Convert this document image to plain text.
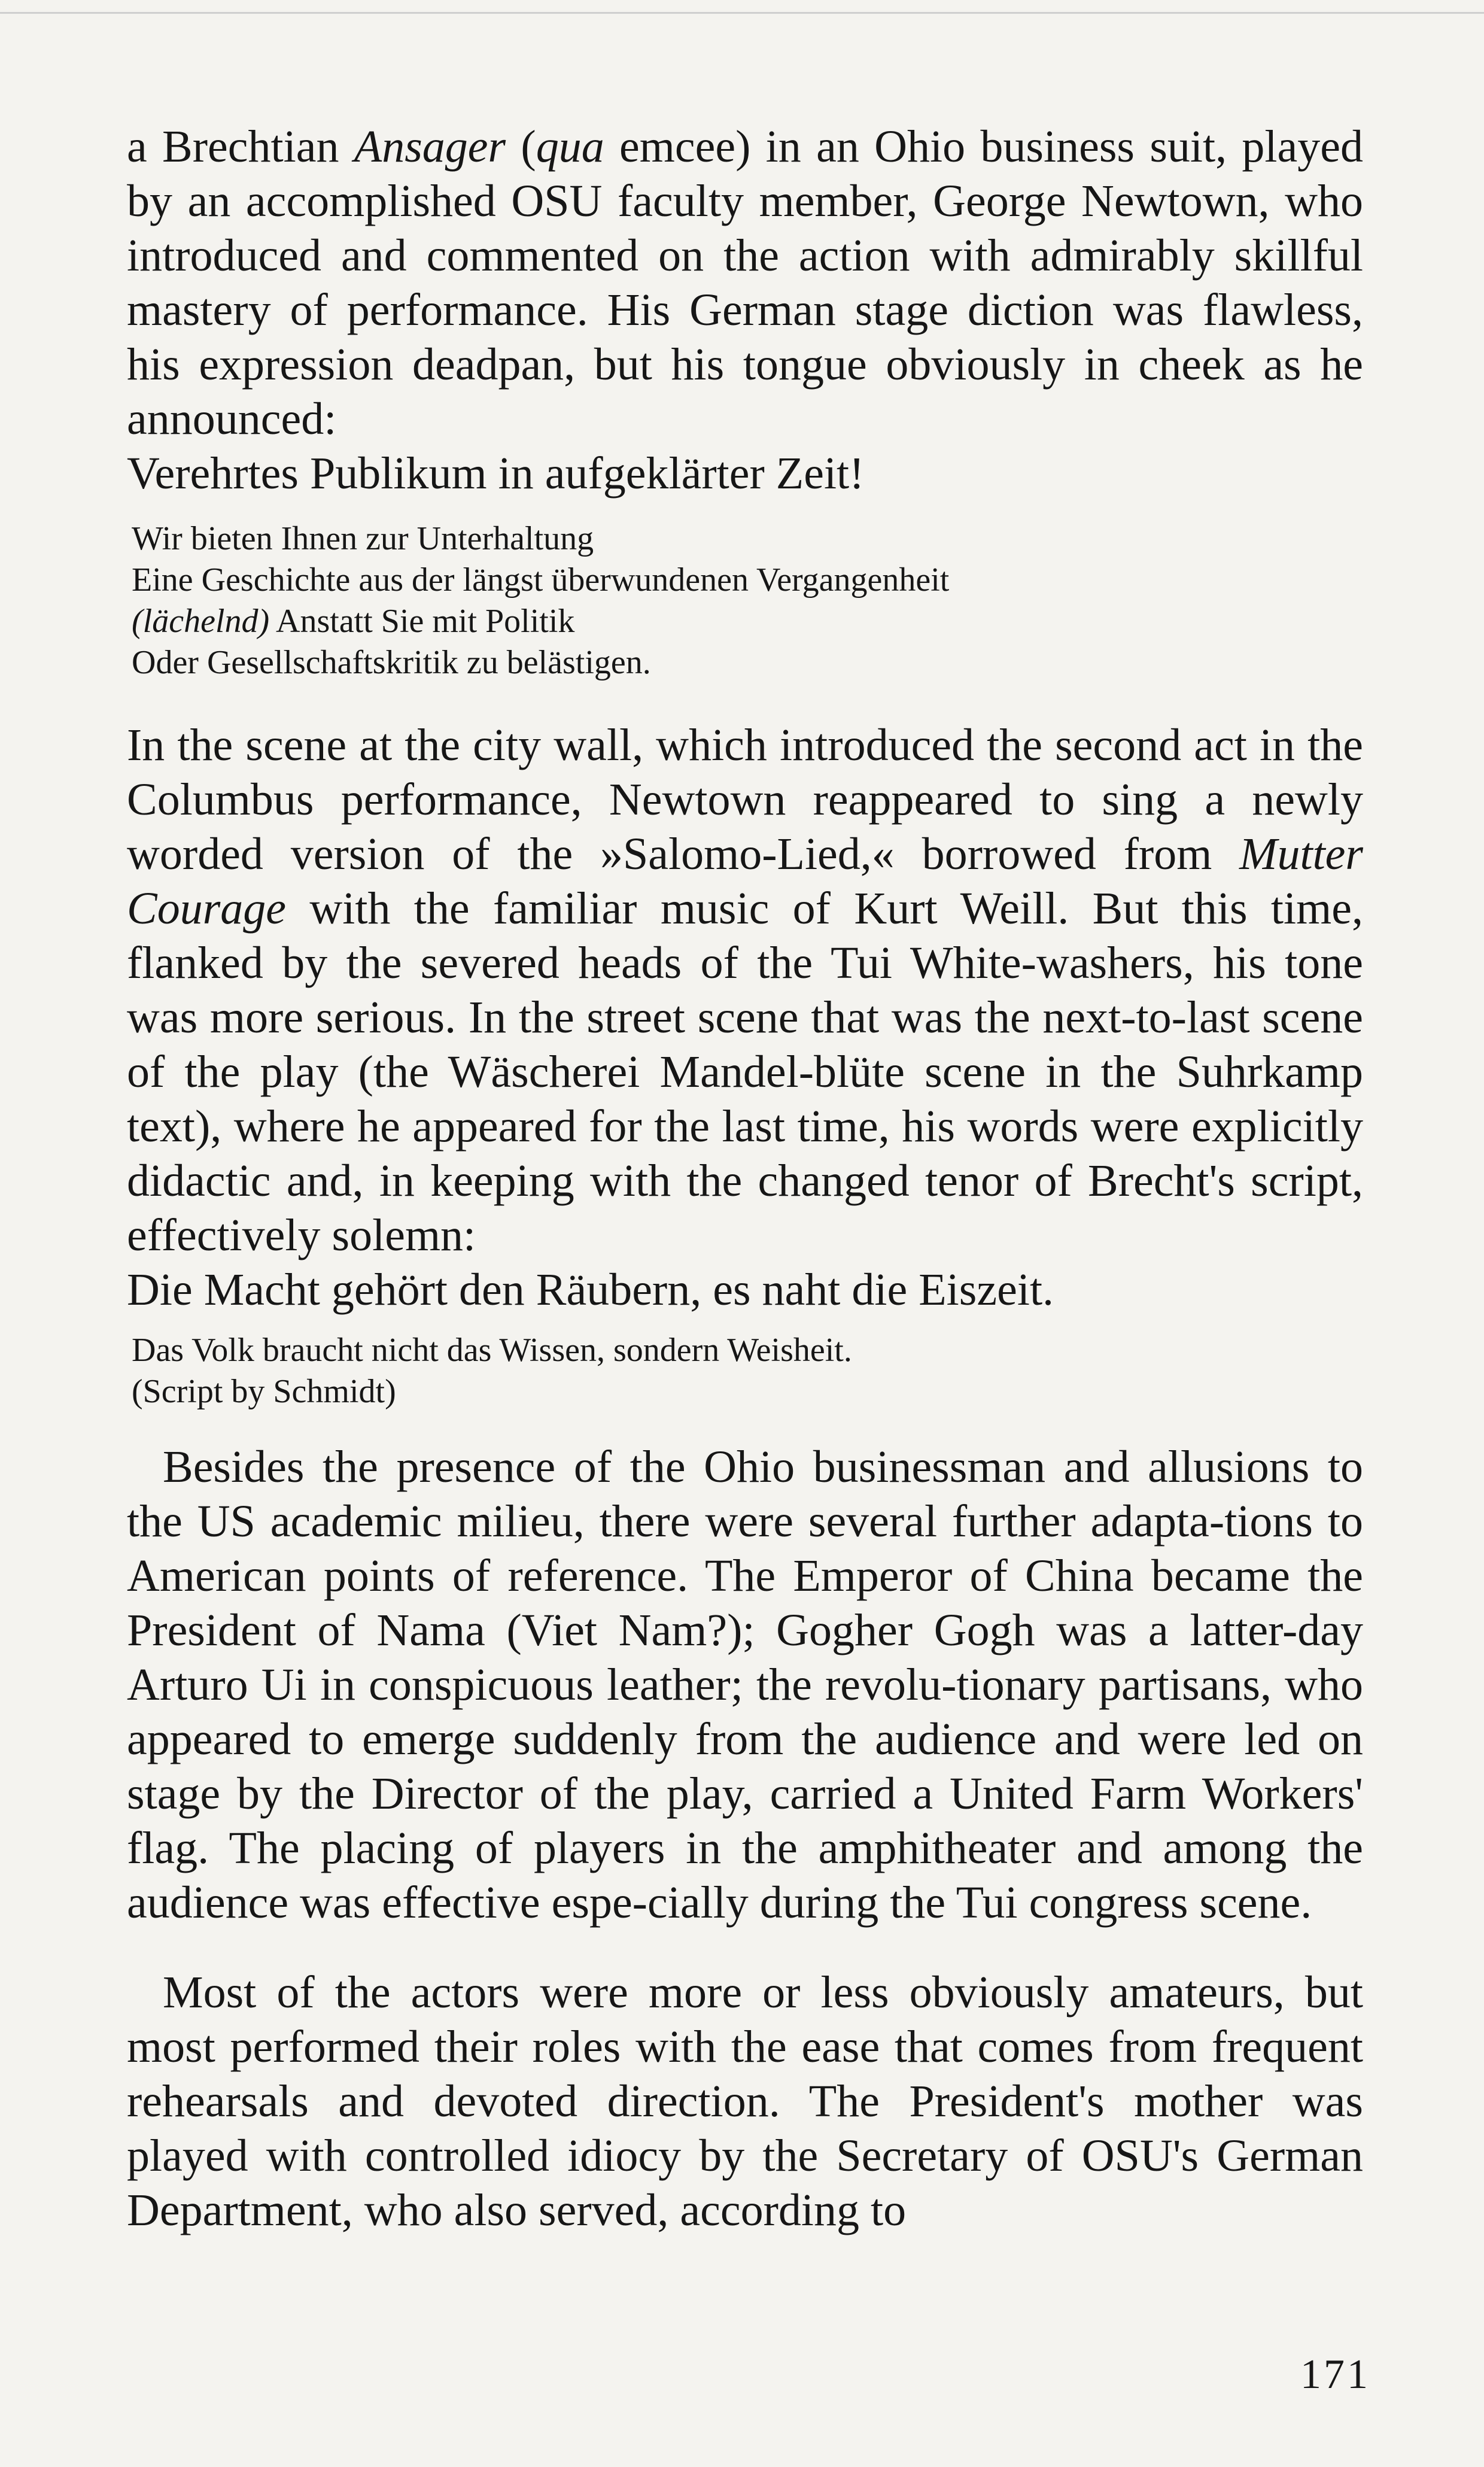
a Brechtian Ansager (qua emcee) in an Ohio business suit, played by an accomplished OSU faculty member, George Newtown, who introduced and commented on the action with admirably skillful mastery of performance. His German stage diction was flawless, his expression deadpan, but his tongue obviously in cheek as he announced:

Verehrtes Publikum in aufgeklärter Zeit!

Wir bieten Ihnen zur Unterhaltung
Eine Geschichte aus der längst überwundenen Vergangenheit
(lächelnd) Anstatt Sie mit Politik
Oder Gesellschaftskritik zu belästigen.

In the scene at the city wall, which introduced the second act in the Columbus performance, Newtown reappeared to sing a newly worded version of the »Salomo-Lied,« borrowed from Mutter Courage with the familiar music of Kurt Weill. But this time, flanked by the severed heads of the Tui White-washers, his tone was more serious. In the street scene that was the next-to-last scene of the play (the Wäscherei Mandel-blüte scene in the Suhrkamp text), where he appeared for the last time, his words were explicitly didactic and, in keeping with the changed tenor of Brecht's script, effectively solemn:

Die Macht gehört den Räubern, es naht die Eiszeit.

Das Volk braucht nicht das Wissen, sondern Weisheit.
(Script by Schmidt)

Besides the presence of the Ohio businessman and allusions to the US academic milieu, there were several further adapta-tions to American points of reference. The Emperor of China became the President of Nama (Viet Nam?); Gogher Gogh was a latter-day Arturo Ui in conspicuous leather; the revolu-tionary partisans, who appeared to emerge suddenly from the audience and were led on stage by the Director of the play, carried a United Farm Workers' flag. The placing of players in the amphitheater and among the audience was effective espe-cially during the Tui congress scene.

Most of the actors were more or less obviously amateurs, but most performed their roles with the ease that comes from frequent rehearsals and devoted direction. The President's mother was played with controlled idiocy by the Secretary of OSU's German Department, who also served, according to

171
